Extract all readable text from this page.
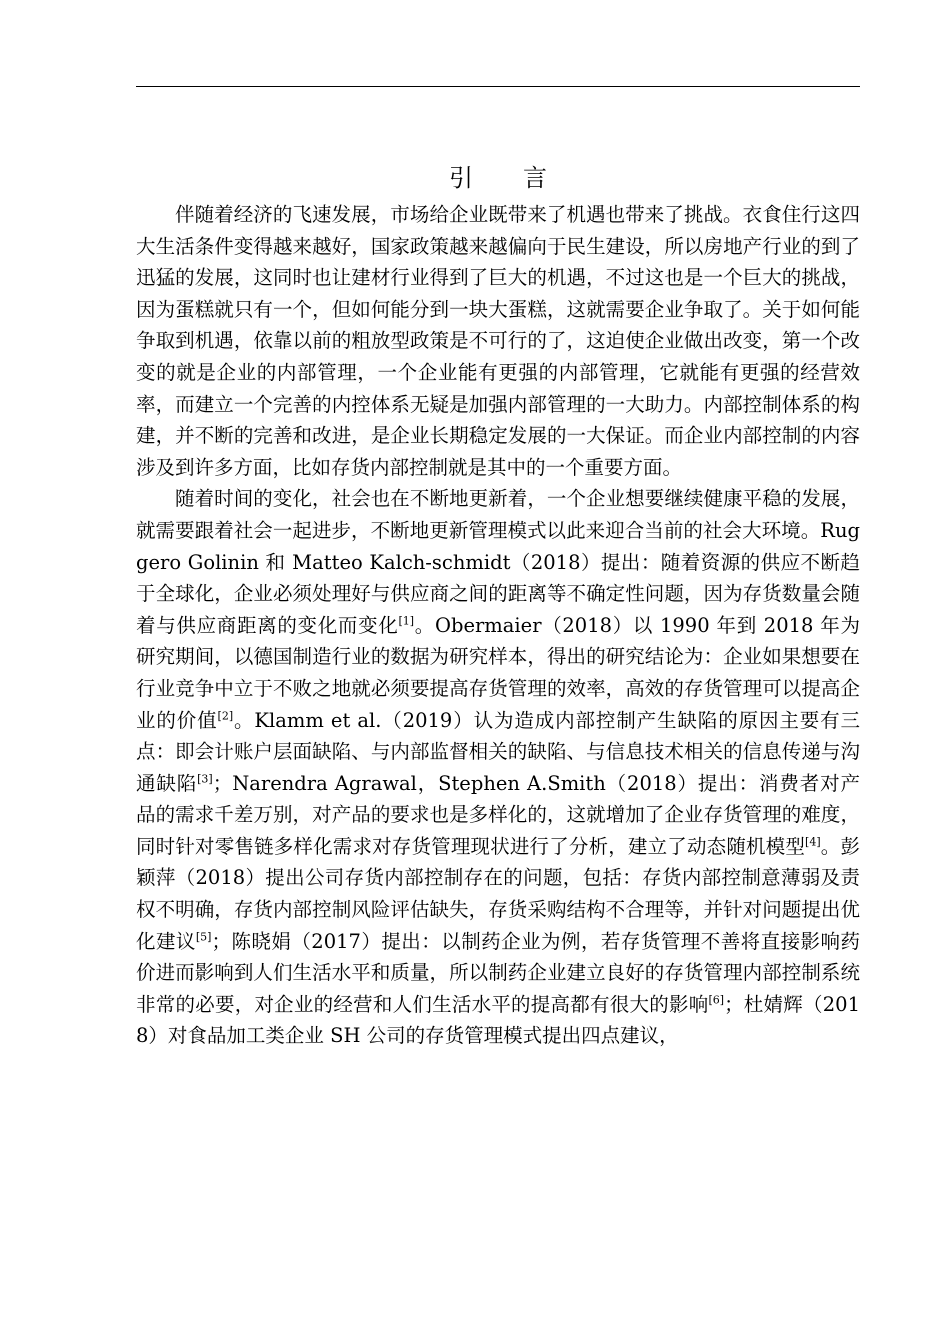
引 言

伴随着经济的飞速发展，市场给企业既带来了机遇也带来了挑战。衣食住行这四大生活条件变得越来越好，国家政策越来越偏向于民生建设，所以房地产行业的到了迅猛的发展，这同时也让建材行业得到了巨大的机遇，不过这也是一个巨大的挑战，因为蛋糕就只有一个，但如何能分到一块大蛋糕，这就需要企业争取了。关于如何能争取到机遇，依靠以前的粗放型政策是不可行的了，这迫使企业做出改变，第一个改变的就是企业的内部管理，一个企业能有更强的内部管理，它就能有更强的经营效率，而建立一个完善的内控体系无疑是加强内部管理的一大助力。内部控制体系的构建，并不断的完善和改进，是企业长期稳定发展的一大保证。而企业内部控制的内容涉及到许多方面，比如存货内部控制就是其中的一个重要方面。

随着时间的变化，社会也在不断地更新着，一个企业想要继续健康平稳的发展，就需要跟着社会一起进步，不断地更新管理模式以此来迎合当前的社会大环境。Ruggero Golinin 和 Matteo Kalch-schmidt（2018）提出：随着资源的供应不断趋于全球化，企业必须处理好与供应商之间的距离等不确定性问题，因为存货数量会随着与供应商距离的变化而变化[1]。Obermaier（2018）以 1990 年到 2018 年为研究期间，以德国制造行业的数据为研究样本，得出的研究结论为：企业如果想要在行业竞争中立于不败之地就必须要提高存货管理的效率，高效的存货管理可以提高企业的价值[2]。Klamm et al.（2019）认为造成内部控制产生缺陷的原因主要有三点：即会计账户层面缺陷、与内部监督相关的缺陷、与信息技术相关的信息传递与沟通缺陷[3]；Narendra Agrawal，Stephen A.Smith（2018）提出：消费者对产品的需求千差万别，对产品的要求也是多样化的，这就增加了企业存货管理的难度，同时针对零售链多样化需求对存货管理现状进行了分析，建立了动态随机模型[4]。彭颖萍（2018）提出公司存货内部控制存在的问题，包括：存货内部控制意薄弱及责权不明确，存货内部控制风险评估缺失，存货采购结构不合理等，并针对问题提出优化建议[5]；陈晓娟（2017）提出：以制药企业为例，若存货管理不善将直接影响药价进而影响到人们生活水平和质量，所以制药企业建立良好的存货管理内部控制系统非常的必要，对企业的经营和人们生活水平的提高都有很大的影响[6]；杜婧辉（2018）对食品加工类企业 SH 公司的存货管理模式提出四点建议，
